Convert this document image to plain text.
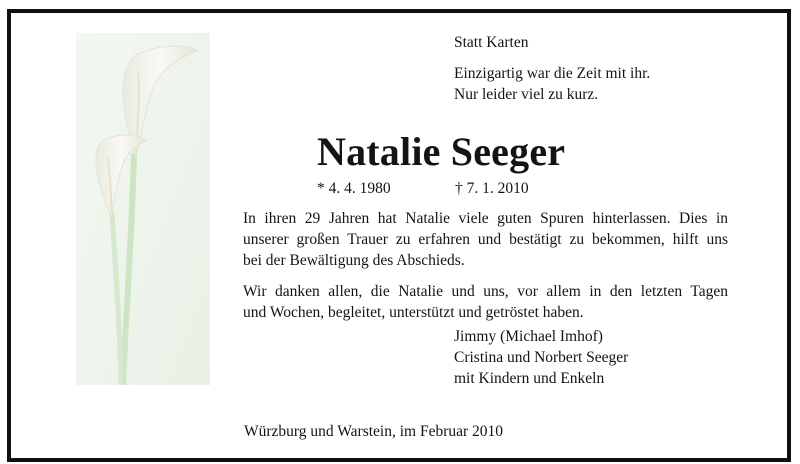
Statt Karten
Einzigartig war die Zeit mit ihr.
Nur leider viel zu kurz.
Natalie Seeger
* 4. 4. 1980	† 7. 1. 2010
In ihren 29 Jahren hat Natalie viele guten Spuren hinterlassen. Dies in
unserer großen Trauer zu erfahren und bestätigt zu bekommen, hilft uns
bei der Bewältigung des Abschieds.
Wir danken allen, die Natalie und uns, vor allem in den letzten Tagen
und Wochen, begleitet, unterstützt und getröstet haben.
Jimmy (Michael Imhof)
Cristina und Norbert Seeger
mit Kindern und Enkeln
Würzburg und Warstein, im Februar 2010
